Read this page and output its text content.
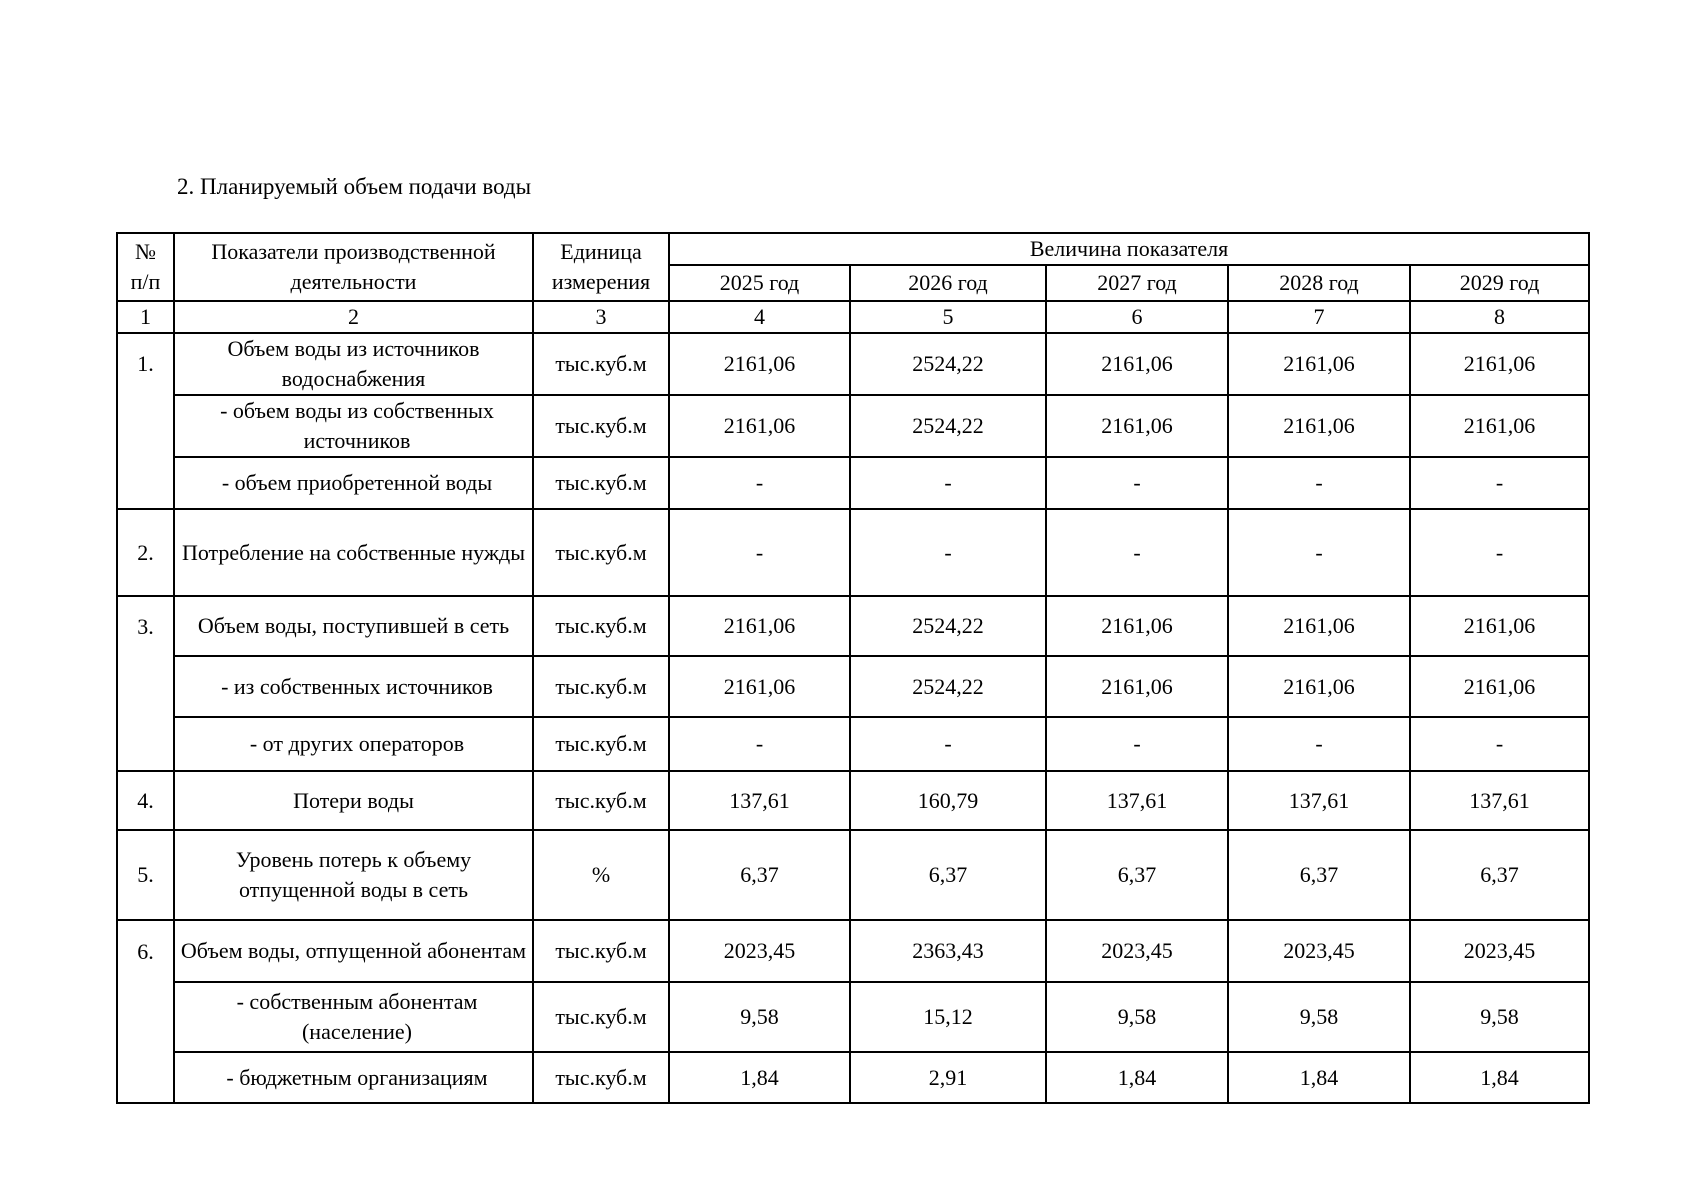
2. Планируемый объем подачи воды
№
п/п	Показатели производственной деятельности	Единица измерения	Величина показателя				
			2025 год	2026 год	2027 год	2028 год	2029 год
1	2	3	4	5	6	7	8
1.	Объем воды из источников водоснабжения	тыс.куб.м	2161,06	2524,22	2161,06	2161,06	2161,06
	- объем воды из собственных источников	тыс.куб.м	2161,06	2524,22	2161,06	2161,06	2161,06
	- объем приобретенной воды	тыс.куб.м	-	-	-	-	-
2.	Потребление на собственные нужды	тыс.куб.м	-	-	-	-	-
3.	Объем воды, поступившей в сеть	тыс.куб.м	2161,06	2524,22	2161,06	2161,06	2161,06
	- из собственных источников	тыс.куб.м	2161,06	2524,22	2161,06	2161,06	2161,06
	- от других операторов	тыс.куб.м	-	-	-	-	-
4.	Потери воды	тыс.куб.м	137,61	160,79	137,61	137,61	137,61
5.	Уровень потерь к объему отпущенной воды в сеть	%	6,37	6,37	6,37	6,37	6,37
6.	Объем воды, отпущенной абонентам	тыс.куб.м	2023,45	2363,43	2023,45	2023,45	2023,45
	- собственным абонентам (население)	тыс.куб.м	9,58	15,12	9,58	9,58	9,58
	- бюджетным организациям	тыс.куб.м	1,84	2,91	1,84	1,84	1,84
